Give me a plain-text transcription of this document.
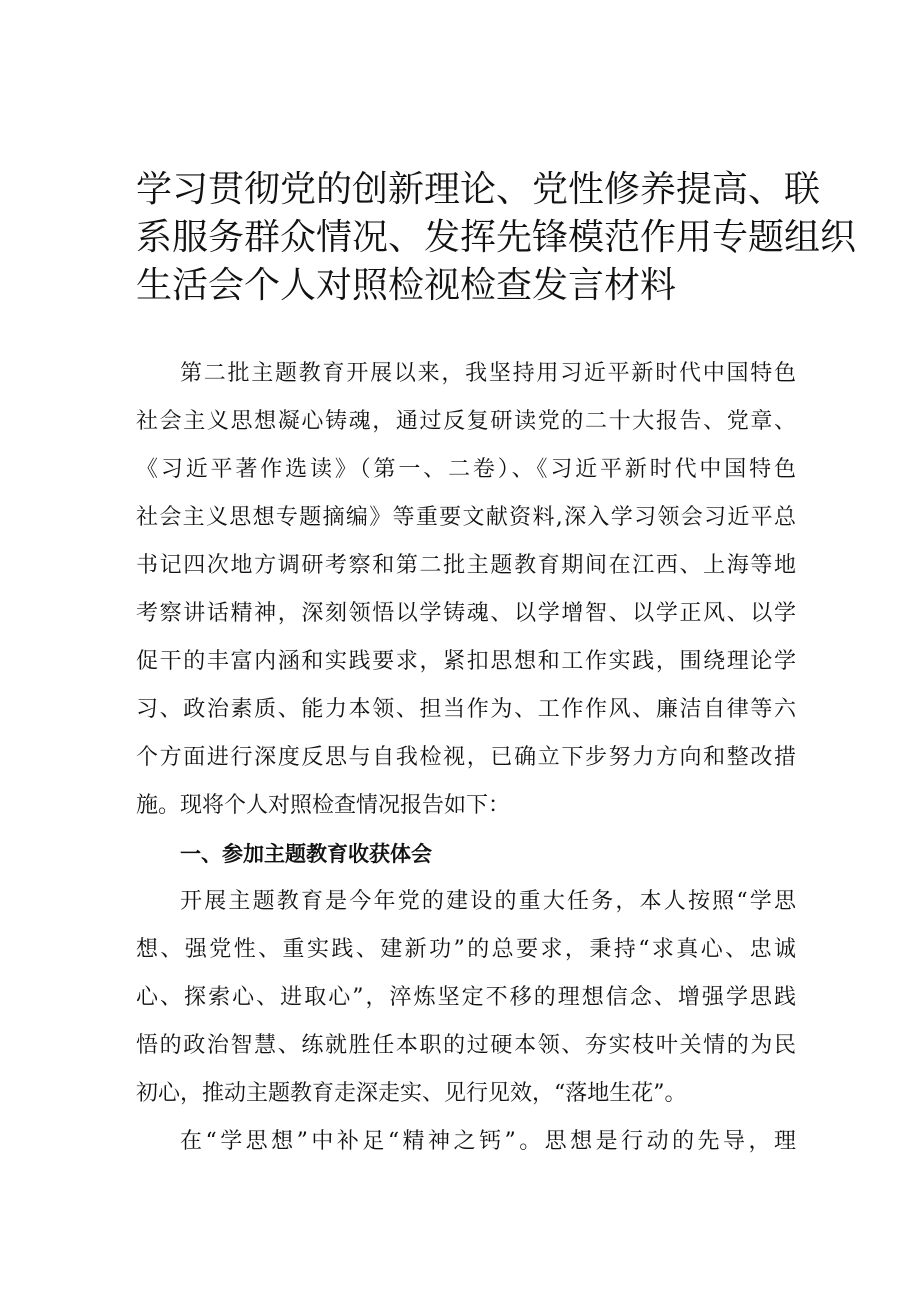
学习贯彻党的创新理论、党性修养提高、联
系服务群众情况、发挥先锋模范作用专题组织
生活会个人对照检视检查发言材料

第二批主题教育开展以来，我坚持用习近平新时代中国特色
社会主义思想凝心铸魂，通过反复研读党的二十大报告、党章、
《习近平著作选读》（第一、二卷）、《习近平新时代中国特色
社会主义思想专题摘编》等重要文献资料,深入学习领会习近平总
书记四次地方调研考察和第二批主题教育期间在江西、上海等地
考察讲话精神，深刻领悟以学铸魂、以学增智、以学正风、以学
促干的丰富内涵和实践要求，紧扣思想和工作实践，围绕理论学
习、政治素质、能力本领、担当作为、工作作风、廉洁自律等六
个方面进行深度反思与自我检视，已确立下步努力方向和整改措
施。现将个人对照检查情况报告如下：

一、参加主题教育收获体会

开展主题教育是今年党的建设的重大任务，本人按照“学思
想、强党性、重实践、建新功”的总要求，秉持“求真心、忠诚
心、探索心、进取心”，淬炼坚定不移的理想信念、增强学思践
悟的政治智慧、练就胜任本职的过硬本领、夯实枝叶关情的为民
初心，推动主题教育走深走实、见行见效，“落地生花”。

在“学思想”中补足“精神之钙”。思想是行动的先导，理
